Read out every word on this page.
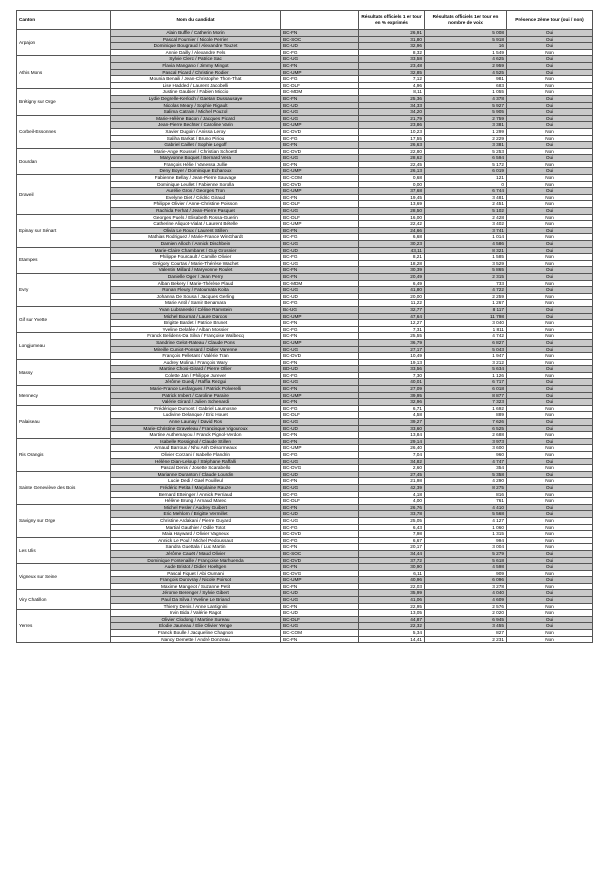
Canton	Nom du candidat		Résultats officiels 1 er tour en % exprimés	Résultats officiels 1er tour en nombre de voix	Présence 2ème tour (oui / non)
Arpajon	Alain Buffle / Catherin Morin	BC-FN	26,91	5 008	Oui
	Pascal Fournier / Nicole Perrier	BC-SOC	31,80	5 918	Oui
	Dominique Bougraud / Alexandre Touzet	BC-UD	32,96	16	Oui
	Annie Dailly / Alexandre Fels	BC-FG	8,32	1 549	Non
Athis Mons	Sylvie Clerc / Patrice Sac	BC-UG	33,58	4 625	Oui
	Flavia Mangano / Jimmy Mingot	BC-FN	23,48	2 959	Oui
	Pascal Picard / Christine Rodier	BC-UMP	32,85	4 525	Oui
	Mounia Benaili / Jean-Christophe Thon-That	BC-FG	7,12	981	Non
	Lise Hadded / Laurent Jacobelli	BC-DLF	4,96	683	Non
Brétigny sur Orge	Justine Gaubier / Fabien Miccio	BC-MDM	8,11	1 055	Non
	Lydie Degrelle-Kerloch / Gaetan Dussausaye	BC-FN	25,36	4 378	Oui
	Nicolas Meary / Sophie Rigault	BC-UD	34,33	5 927	Oui
	Salima Catrain / Michel Pouzol	BC-UG	34,20	5 905	Oui
Corbeil-Essonnes	Marie-Hélène Bacon / Jacques Picard	BC-UG	21,79	2 759	Oui
	Jean-Pierre Bechter / Caroline Varin	BC-UMP	23,86	3 381	Oui
	Xavier Dugoin / Anissa Leroy	BC-DVD	10,23	1 299	Non
	Saliha Barkat / Bruno Piriou	BC-FG	17,55	2 229	Non
	Gabriel Caillet / Sophie Legoff	BC-FN	26,63	3 381	Oui
Dourdan	Marie-Ange Roussel / Christian Schoettl	BC-DVD	22,80	5 253	Non
	Maryvonne Boquet / Bernard Vera	BC-UG	28,62	6 594	Oui
	François Hélie / Vanessa Jullie	BC-FN	22,45	5 172	Non
	Deny Boyer / Dominique Echaroux	BC-UMP	26,13	6 019	Oui
Draveil	Fabienne Bellay / Jean-Pierre Sauvage	BC-COM	0,68	121	Non
	Dominique Leullet / Fabienne Sorolla	BC-DVD	0,00	0	Non
	Aurélie Gros / Georges Tron	BC-UMP	37,68	6 744	Oui
	Evelyne Diet / Cédric Giraud	BC-FN	19,45	3 481	Non
	Philippe Olivier / Anne-Christine Poisson	BC-DLF	13,69	2 451	Non
	Rachida Ferhat / Jean-Pierre Pasquet	BC-UG	28,50	5 102	Oui
Epinay sur Sénart	Georges Puels / Elisabeth Rossa-Guerin	BC-DLF	16,00	2 428	Non
	Catherine Aliquot-Vialat / Laurent Bételle	BC-UMP	22,42	3 402	Non
	Olivia Le Roux / Laurent Stillen	BC-FN	24,66	3 741	Oui
	Mathias Rodriguez / Marie-France WinGhardt	BC-FG	6,68	1 014	Non
	Damien Alloch / Annick Dischbein	BC-UG	30,23	4 586	Oui
Etampes	Marie-Claire Chambaret / Guy Grosnier	BC-UD	43,11	8 321	Oui
	Philippe Fourcault / Camille Olivier	BC-FG	8,21	1 585	Non
	Grégory Courtas / Marie-Thérèse Wachet	BC-UG	18,28	3 529	Non
	Valentin Millard / Maryvonne Roulet	BC-FN	30,39	5 865	Oui
Evry	Danielle Oger / Jean Perry	BC-FN	20,49	2 315	Oui
	Alban Bekery / Marie-Thérèse Plaud	BC-MDM	6,49	733	Non
	Ronan Fleury / Fatoumata Koita	BC-UG	41,80	4 722	Oui
	Johanna De Sousa / Jacques Gerling	BC-UD	20,00	2 259	Non
	Marie Antil / Samir Benamara	BC-FG	11,22	1 267	Non
Gif sur Yvette	Yvan Lubraneski / Céline Ramstein	Bc-UG	32,77	8 117	Oui
	Michel Bournat / Laure Darcos	BC-UMP	47,64	11 798	Oui
	Brigitte Bardet / Patrice Brunet	BC-FN	12,27	3 040	Non
	Yveline Delafée / Alban Mossier	BC-FG	7,31	1 811	Non
Longjumeau	Franck Belidens-Da Silva / Françoise Walbecq	BC-FN	25,55	4 742	Non
	Sandrine Gelot-Rateau / Claude Pons	BC-UMP	36,79	6 827	Oui
	Mireille Cuniot-Ponsard / Didier Varenne	BC-UG	27,17	5 043	Oui
	François Pelletant / Valérie Tran	BC-DVD	10,49	1 947	Non
Massy	Audrey Molina / François Wary	BC-FN	19,13	3 212	Non
	Martine Chosi-Girard / Pierre Ollier	BD-UD	33,56	5 634	Oui
	Colette Jan / Philippe Jurever	BC-FG	7,30	1 126	Non
	Jérôme Guedj / Raffia Rezgui	BC-UG	40,01	6 717	Oui
Mennecy	Marie-France Lesfargues / Patrick Polverelli	BC-FN	27,09	6 018	Oui
	Patrick Imbert / Caroline Paraire	BC-UMP	39,95	8 877	Oui
	Valérie Girard / Julien Schenardi	BC-FN	32,96	7 323	Oui
Palaiseau	Frédérique Dumont / Gabriel Laumosne	BC-FG	6,71	1 692	Non
	Ludivine Delanque / Eric Houet	BC-DLF	4,58	889	Non
	Anne Launay / David Ros	BC-UG	39,27	7 626	Oui
	Marie-Christine Graveleau / Francisque Vigouroux	BC-UD	33,60	6 525	Oui
	Martine Authemayou / Franck Pignol-Verdon	BC-FN	13,84	2 688	Non
Ris Orangis	Isabelle Rossignol / Claude Stillen	BC-FN	29,14	3 973	Oui
	Arnaud Barroux / Nhu Anh Désormeaux	BC-UMP	26,40	3 600	Non
	Olivier Corzani / Isabelle Flandrin	BC-FG	7,04	960	Non
	Hélène Dian-Leloup / Stéphane Raffalli	BC-UG	34,82	4 747	Oui
	Pascal Denis / Josette Scarabello	BC-DVG	2,60	354	Non
Sainte Geneviève des Bois	Marianne Duranton / Claude Lourdin	BC-UD	27,45	5 358	Oui
	Lucie Dedi / Gael Fouilleul	BC-FN	21,98	4 290	Non
	Frédéric Petita / Marjolaine Rauze	BC-UG	42,39	8 275	Oui
	Bernard Etteinger / Annick Perriaud	BC-FG	4,18	816	Non
	Hélène Brung / Arnaud Marec	BC-DLF	4,00	761	Non
Savigny sur Orge	Michel Fesler / Audrey Guibert	BC-FN	26,76	4 410	Oui
	Eric Mehlorn / Brigitte Vermillet	BC-UD	33,78	5 568	Oui
	Christine Ardakani / Pierre Guyard	BC-UG	25,05	4 127	Non
	Martial Gauthier / Odile Totot	BC-FG	6,43	1 060	Non
	Maia Hayward / Olivier Vagneux	BC-DVD	7,98	1 315	Non
Les Ulis	Annick Le Poul / Michel Pedoussaut	BC-FG	6,67	994	Non
	Sandra Guettala / Luc Martin	BC-FN	20,17	3 004	Non
	Jérôme Cauët / Maud Olivier	BC-SOC	34,44	5 279	Oui
	Dominique Fontenaille / Françoise Marhuenda	BC-DVD	37,72	5 618	Oui
Vigneux sur Seine	Aude Bristot / Didier Hoeltgen	BC-FN	30,90	4 598	Oui
	Pascal Fiquet / Abi Oumani	BC-DVG	6,11	909	Non
	François Durovray / Nicole Poirsot	BC-UMP	40,96	6 096	Oui
	Maxime Mangeot / Suzanne Petit	BC-FN	22,03	3 278	Non
Viry Chatillon	Jérome Berenger / Sylvie Gibert	BC-UD	35,99	4 040	Oui
	Paul Da Silva / Yveline Le Briand	BC-UG	41,06	4 609	Oui
	Thierry Denis / Anne Lantignini	BC-FN	22,95	2 576	Non
Yerres	Irvin Bida / Valérie Ragot	BC-UD	13,05	2 020	Non
	Olivier Clodong / Martine Sureau	BC-DLF	44,87	6 945	Oui
	Elodie Jauneau / Elie Olivier Yenge	BC-UG	22,32	3 455	Oui
	Franck Boulle / Jacqueline Chagnon	BC-COM	5,34	827	Non
	Nancy Demette / André Donzeau	BC-FN	14,41	2 231	Non
